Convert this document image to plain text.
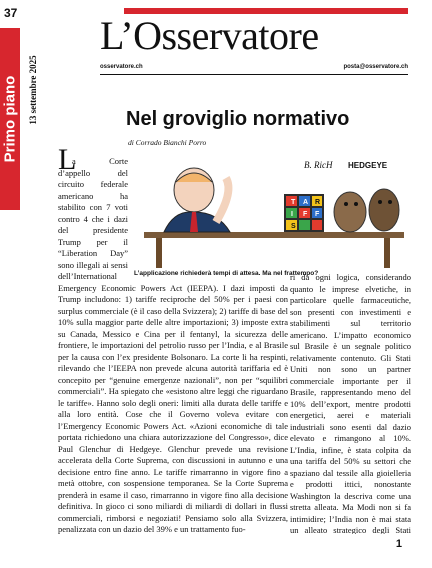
37
Primo piano 13 settembre 2025
L’Osservatore
osservatore.ch	posta@osservatore.ch
Nel groviglio normativo
di Corrado Bianchi Porro
L
T A R
I F F
S
B. RicH HEDGEYE
L’applicazione richiederà tempi di attesa. Ma nel frattempo?

a Corte d’appello del circuito federale americano ha stabilito con 7 voti contro 4 che i dazi del presidente Trump per il “Liberation Day” sono illegali ai sensi dell’International Emergency Economic Powers Act (IEEPA). I dazi imposti da Trump includono: 1) tariffe reciproche del 50% per i paesi con surplus commerciale (è il caso della Svizzera); 2) tariffe di base del 10% sulla maggior parte delle altre importazioni; 3) imposte extra su Canada, Messico e Cina per il fentanyl, la sicurezza delle frontiere, le importazioni del petrolio russo per l’India, e al Brasile per la causa con l’ex presidente Bolsonaro. La corte li ha respinti, rilevando che l’IEEPA non prevede alcuna autorità tariffaria ed è concepito per “genuine emergenze nazionali”, non per “squilibri commerciali”. Ha spiegato che «esistono altre leggi che riguardano le tariffe». Hanno solo degli oneri: limiti alla durata delle tariffe e alla loro entità. Cose che il Governo voleva evitare con l’Emergency Economic Powers Act. «Azioni economiche di tale portata richiedono una chiara autorizzazione del Congresso», dice Paul Glenchur di Hedgeye. Glenchur prevede una revisione accelerata della Corte Suprema, con discussioni in autunno e una decisione entro fine anno. Le tariffe rimarranno in vigore fino a metà ottobre, con sospensione temporanea. Se la Corte Suprema prenderà in esame il caso, rimarranno in vigore fino alla decisione definitiva. In gioco ci sono miliardi di miliardi di dollari in flussi commerciali, rimborsi e negoziati! Pensiamo solo alla Svizzera, penalizzata con un dazio del 39% e un trattamento fuo-

ri da ogni logica, considerando quanto le imprese elvetiche, in particolare quelle farmaceutiche, son presenti con investimenti e stabilimenti sul territorio americano. L’impatto economico sul Brasile è un segnale politico relativamente contenuto. Gli Stati Uniti non sono un partner commerciale importante per il Brasile, rappresentando meno del 10% dell’export, mentre prodotti energetici, aerei e materiali industriali sono esenti dal dazio elevato e rimangono al 10%. L’India, infine, è stata colpita da una tariffa del 50% su settori che spaziano dal tessile alla gioielleria e prodotti ittici, nonostante Washington la descriva come una stretta alleata. Ma Modi non si fa intimidire; l’India non è mai stata un alleato strategico degli Stati

1
